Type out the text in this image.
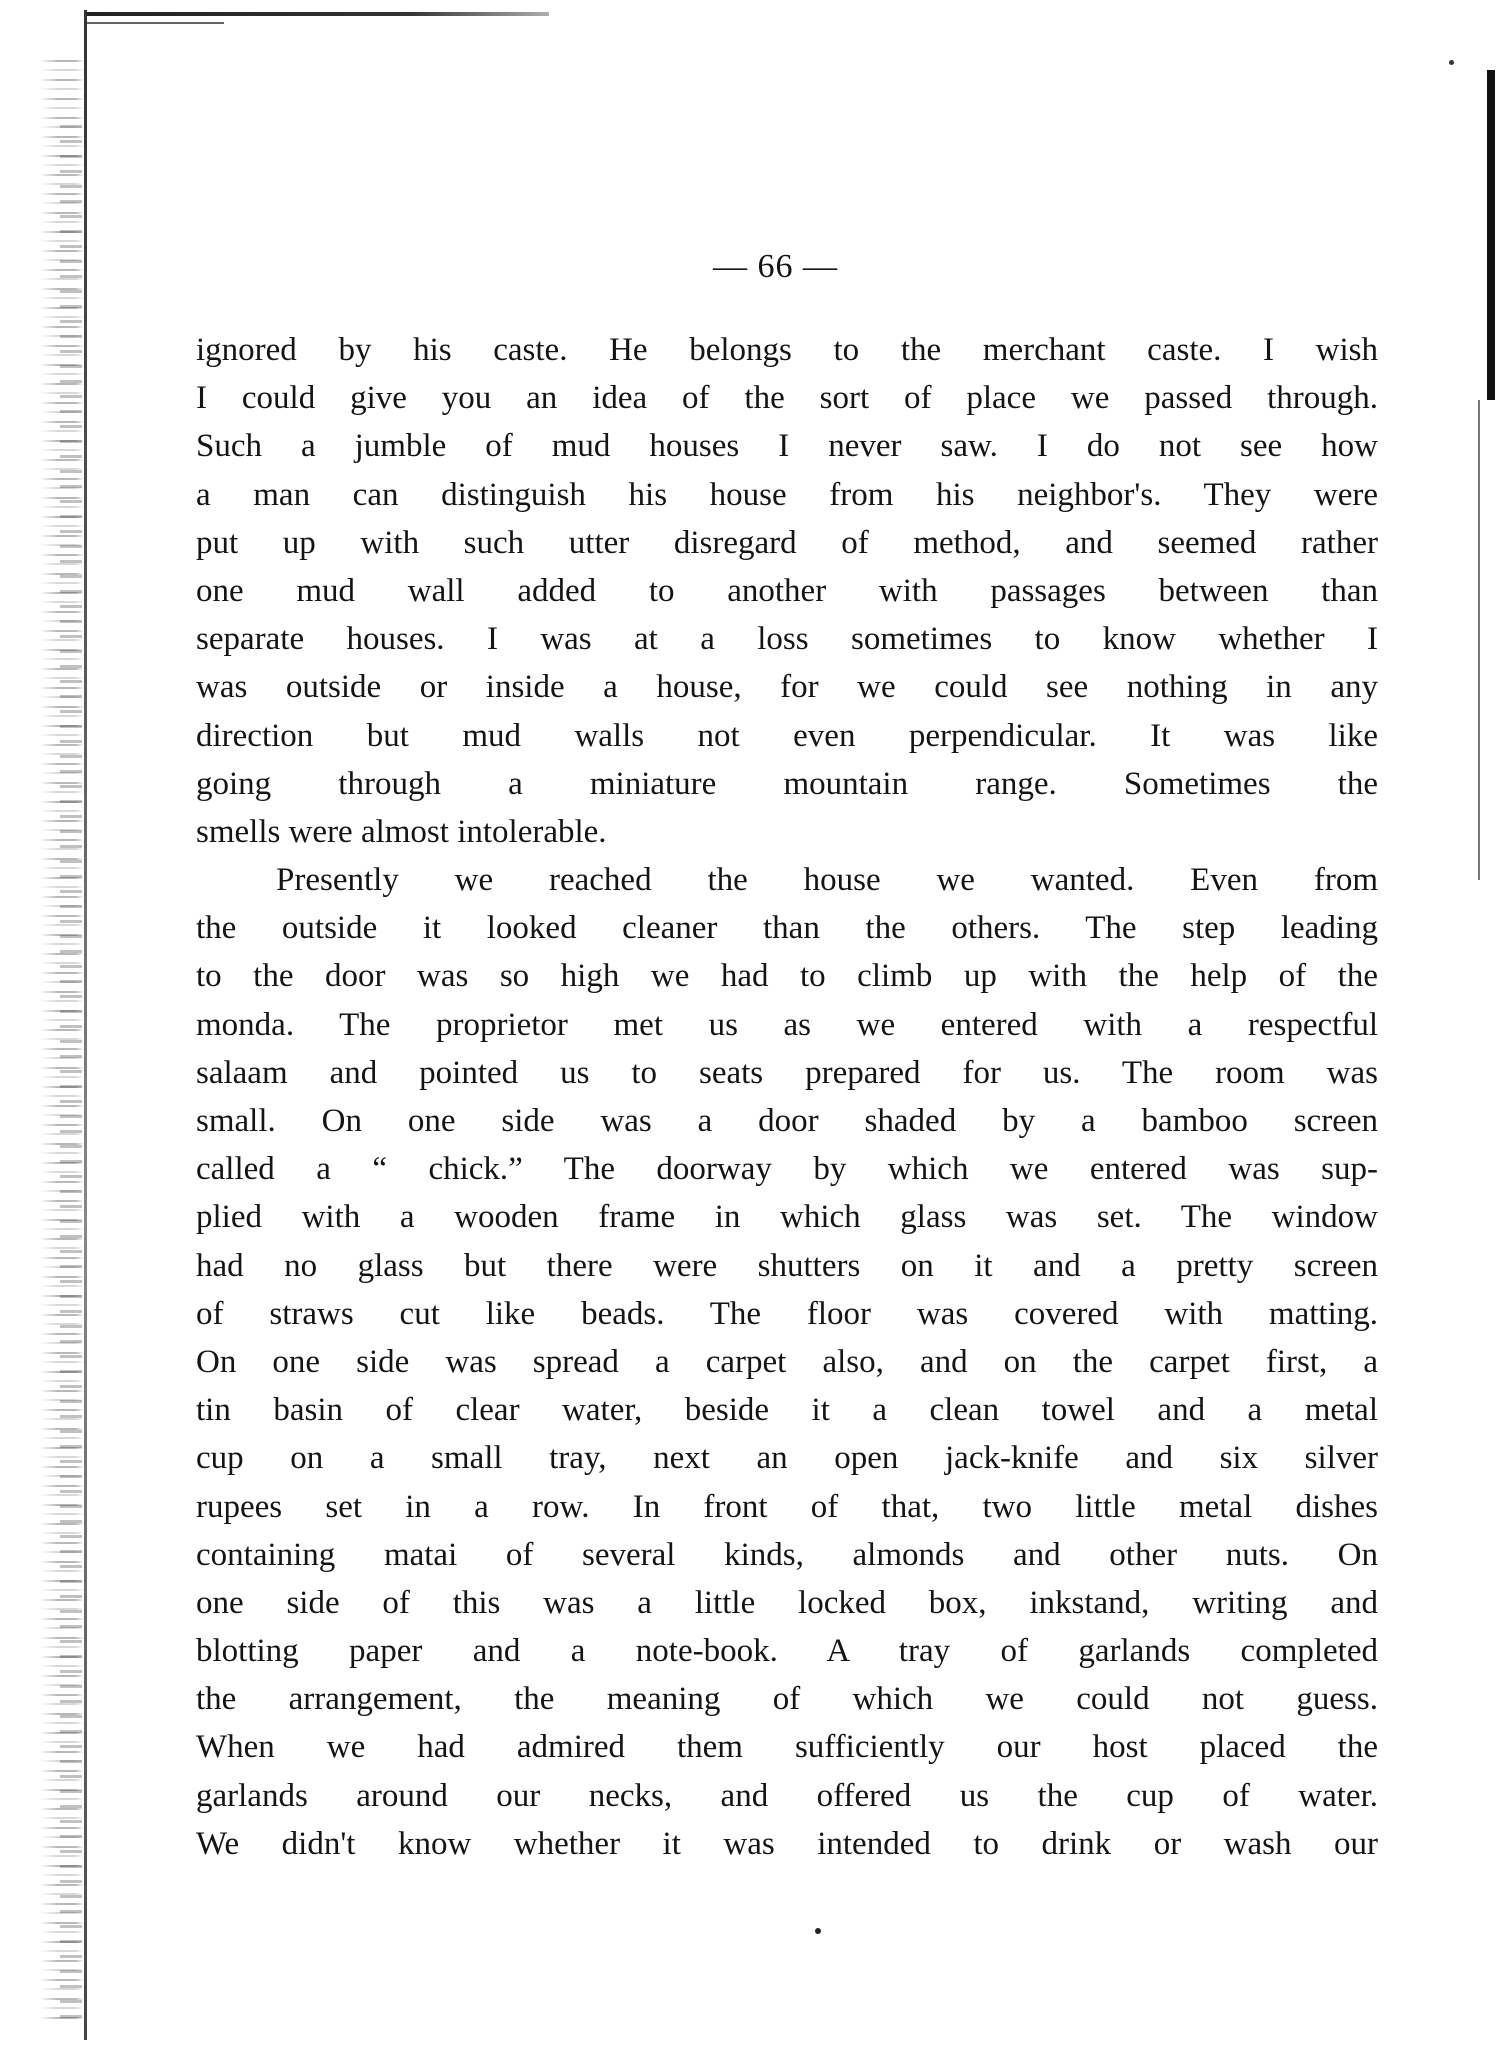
— 66 —
ignored by his caste. He belongs to the merchant caste. I wish
I could give you an idea of the sort of place we passed through.
Such a jumble of mud houses I never saw. I do not see how
a man can distinguish his house from his neighbor's. They were
put up with such utter disregard of method, and seemed rather
one mud wall added to another with passages between than
separate houses. I was at a loss sometimes to know whether I
was outside or inside a house, for we could see nothing in any
direction but mud walls not even perpendicular. It was like
going through a miniature mountain range. Sometimes the
smells were almost intolerable.
Presently we reached the house we wanted. Even from
the outside it looked cleaner than the others. The step leading
to the door was so high we had to climb up with the help of the
monda. The proprietor met us as we entered with a respectful
salaam and pointed us to seats prepared for us. The room was
small. On one side was a door shaded by a bamboo screen
called a “ chick.” The doorway by which we entered was sup-
plied with a wooden frame in which glass was set. The window
had no glass but there were shutters on it and a pretty screen
of straws cut like beads. The floor was covered with matting.
On one side was spread a carpet also, and on the carpet first, a
tin basin of clear water, beside it a clean towel and a metal
cup on a small tray, next an open jack-knife and six silver
rupees set in a row. In front of that, two little metal dishes
containing matai of several kinds, almonds and other nuts. On
one side of this was a little locked box, inkstand, writing and
blotting paper and a note-book. A tray of garlands completed
the arrangement, the meaning of which we could not guess.
When we had admired them sufficiently our host placed the
garlands around our necks, and offered us the cup of water.
We didn't know whether it was intended to drink or wash our
